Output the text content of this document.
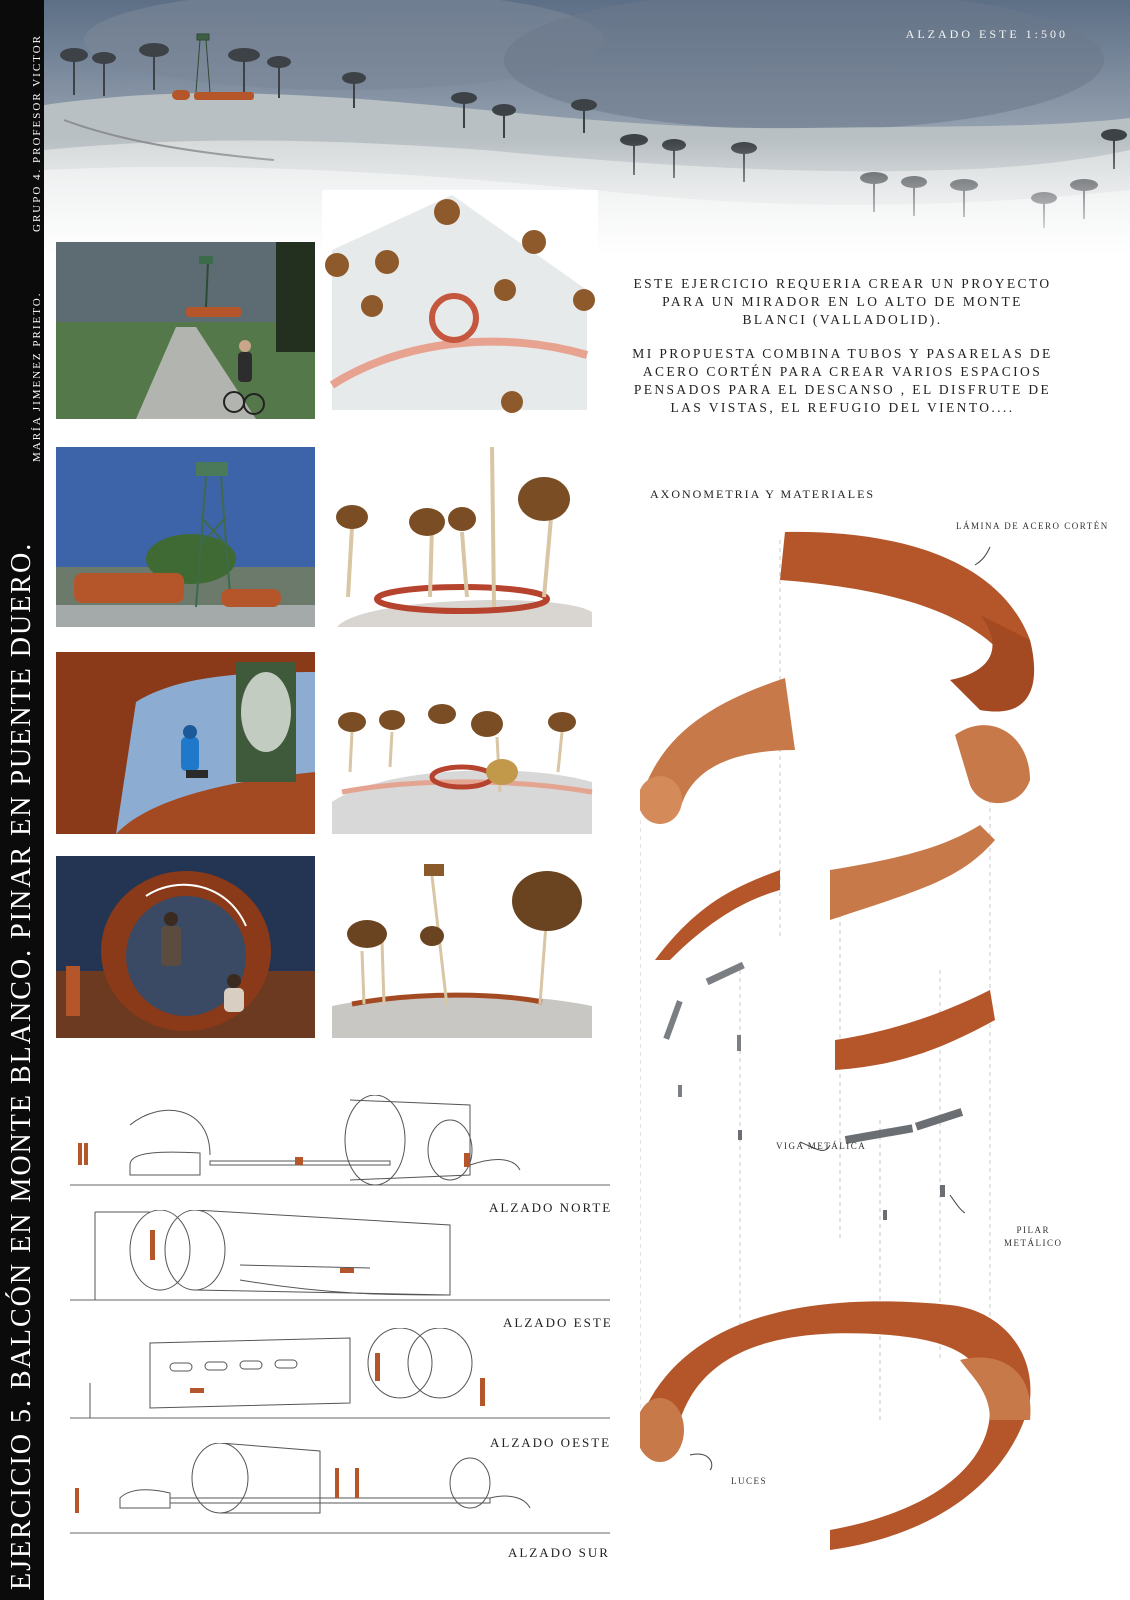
EJERCICIO 5. BALCÓN EN MONTE BLANCO. PINAR EN PUENTE DUERO.
MARÍA JIMENEZ PRIETO.
GRUPO 4. PROFESOR VICTOR
ALZADO ESTE 1:500

ESTE EJERCICIO REQUERIA CREAR UN PROYECTO PARA UN MIRADOR EN LO ALTO DE MONTE BLANCI (VALLADOLID).

MI PROPUESTA COMBINA TUBOS Y PASARELAS DE ACERO CORTÉN PARA CREAR VARIOS ESPACIOS PENSADOS PARA EL DESCANSO , EL DISFRUTE DE LAS VISTAS, EL REFUGIO DEL VIENTO....

AXONOMETRIA Y MATERIALES
LÁMINA DE ACERO CORTÉN
VIGA METÁLICA
PILAR
METÁLICO
LUCES
ALZADO NORTE
ALZADO ESTE
ALZADO OESTE
ALZADO SUR
